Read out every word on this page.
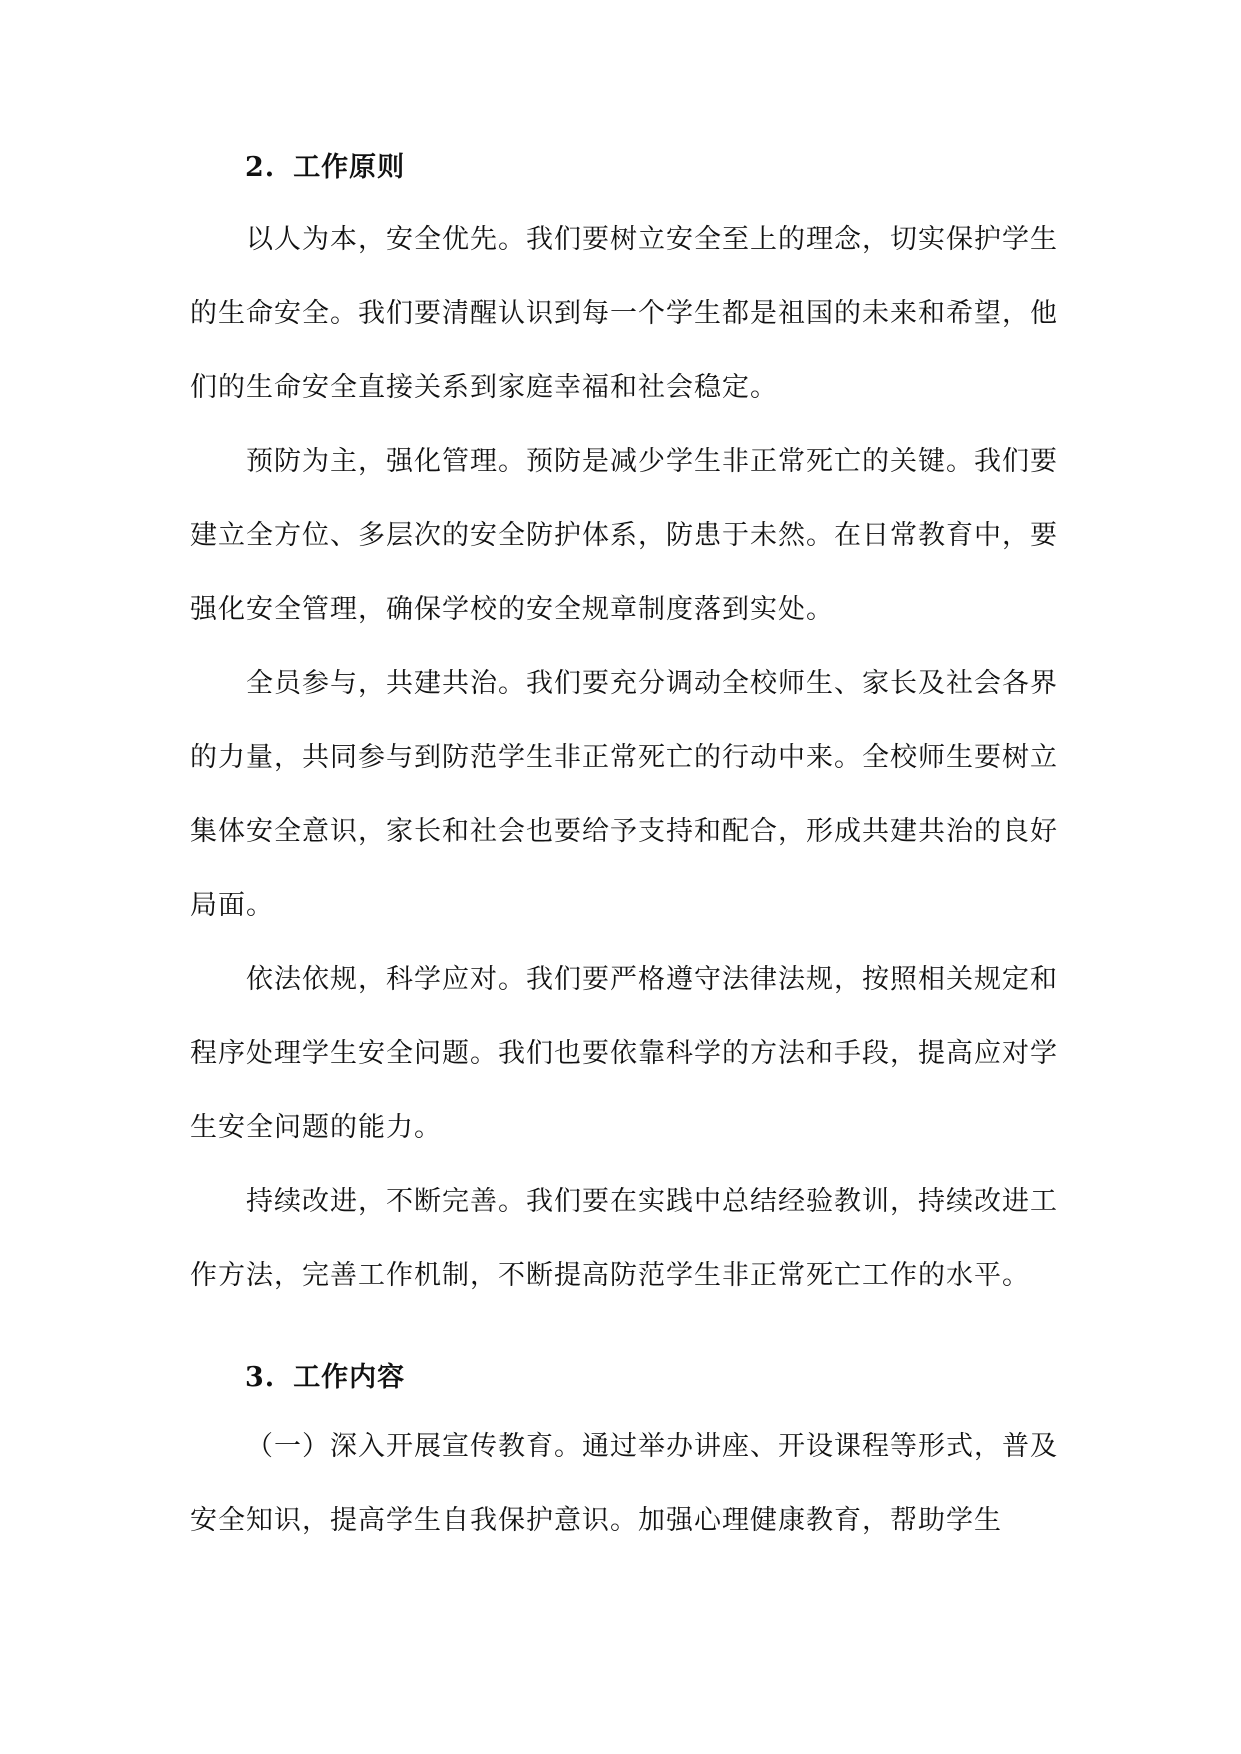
2. 工作原则

以人为本，安全优先。我们要树立安全至上的理念，切实保护学生的生命安全。我们要清醒认识到每一个学生都是祖国的未来和希望，他们的生命安全直接关系到家庭幸福和社会稳定。

预防为主，强化管理。预防是减少学生非正常死亡的关键。我们要建立全方位、多层次的安全防护体系，防患于未然。在日常教育中，要强化安全管理，确保学校的安全规章制度落到实处。

全员参与，共建共治。我们要充分调动全校师生、家长及社会各界的力量，共同参与到防范学生非正常死亡的行动中来。全校师生要树立集体安全意识，家长和社会也要给予支持和配合，形成共建共治的良好局面。

依法依规，科学应对。我们要严格遵守法律法规，按照相关规定和程序处理学生安全问题。我们也要依靠科学的方法和手段，提高应对学生安全问题的能力。

持续改进，不断完善。我们要在实践中总结经验教训，持续改进工作方法，完善工作机制，不断提高防范学生非正常死亡工作的水平。

3. 工作内容

（一）深入开展宣传教育。通过举办讲座、开设课程等形式，普及安全知识，提高学生自我保护意识。加强心理健康教育，帮助学生
